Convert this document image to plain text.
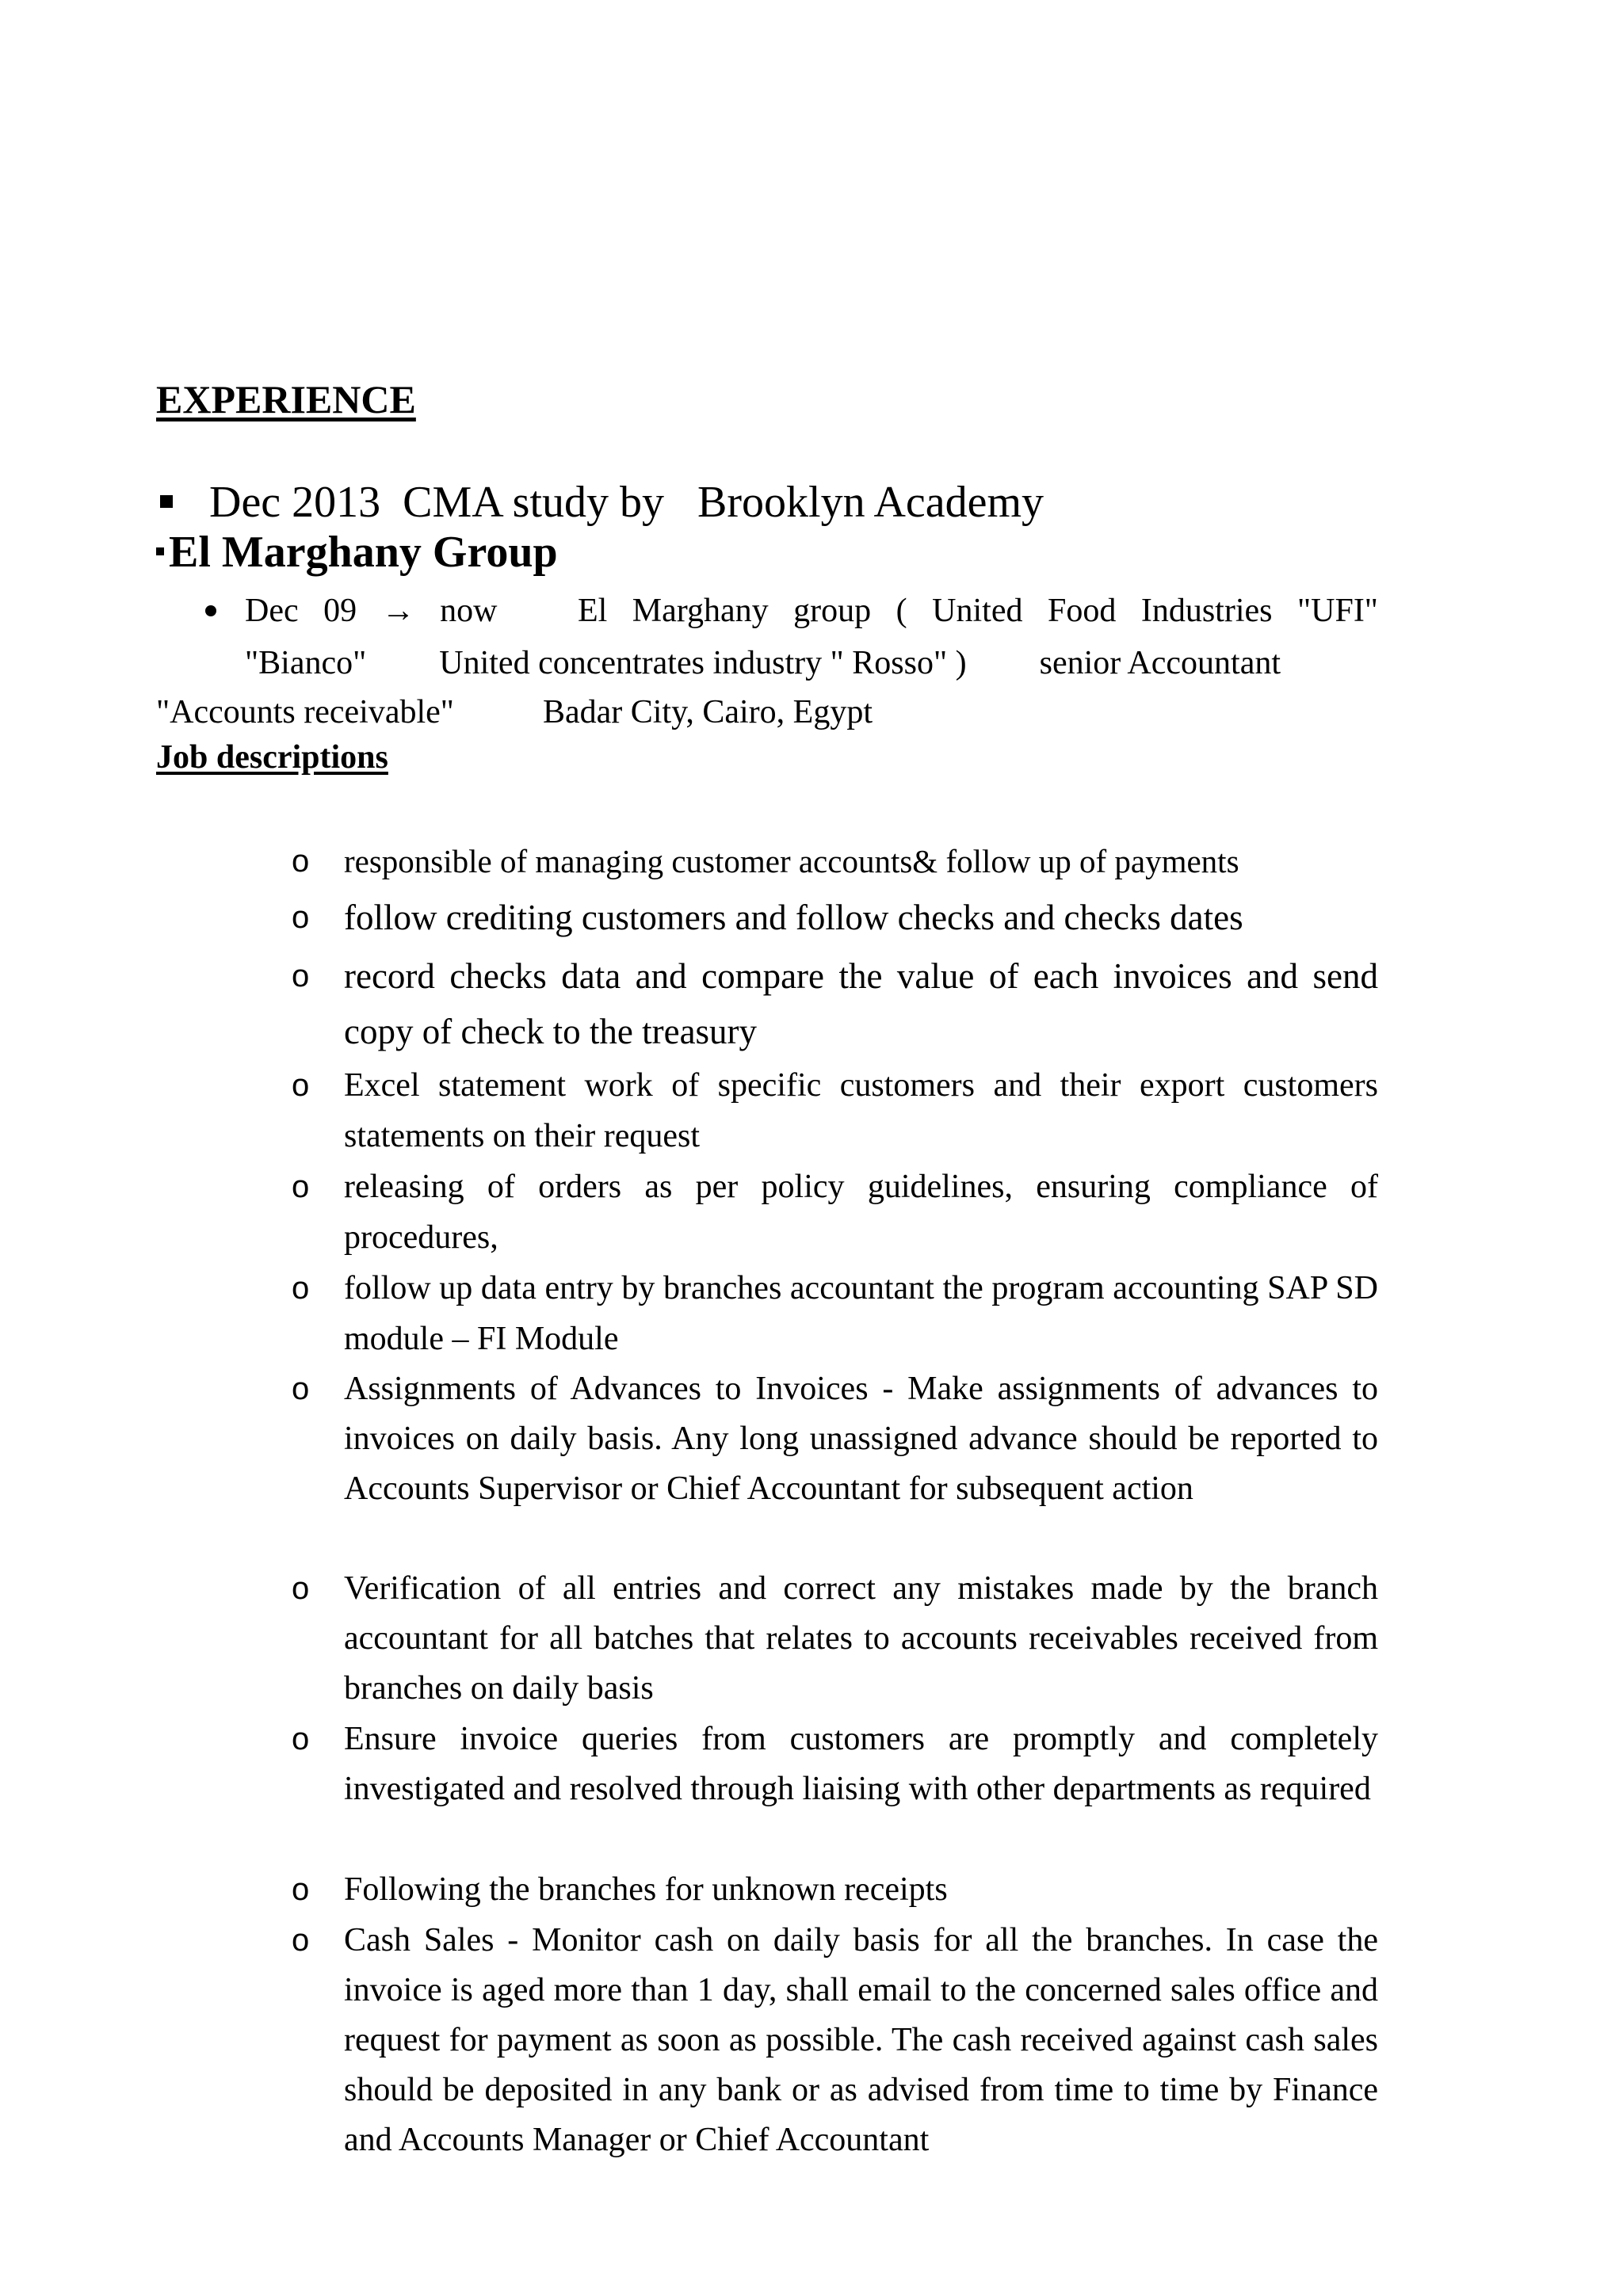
EXPERIENCE
Dec 2013 CMA study by Brooklyn Academy
El Marghany Group
Dec 09 → now El Marghany group ( United Food Industries "UFI"
"Bianco" United concentrates industry " Rosso" ) senior Accountant
"Accounts receivable"	Badar City, Cairo, Egypt
Job descriptions
o responsible of managing customer accounts& follow up of payments
o follow crediting customers and follow checks and checks dates
o record checks data and compare the value of each invoices and send copy of check to the treasury
o Excel statement work of specific customers and their export customers statements on their request
o releasing of orders as per policy guidelines, ensuring compliance of procedures,
o follow up data entry by branches accountant the program accounting SAP SD module – FI Module
o Assignments of Advances to Invoices - Make assignments of advances to invoices on daily basis. Any long unassigned advance should be reported to Accounts Supervisor or Chief Accountant for subsequent action
o Verification of all entries and correct any mistakes made by the branch accountant for all batches that relates to accounts receivables received from branches on daily basis
o Ensure invoice queries from customers are promptly and completely investigated and resolved through liaising with other departments as required
o Following the branches for unknown receipts
o Cash Sales - Monitor cash on daily basis for all the branches. In case the invoice is aged more than 1 day, shall email to the concerned sales office and request for payment as soon as possible. The cash received against cash sales should be deposited in any bank or as advised from time to time by Finance and Accounts Manager or Chief Accountant
